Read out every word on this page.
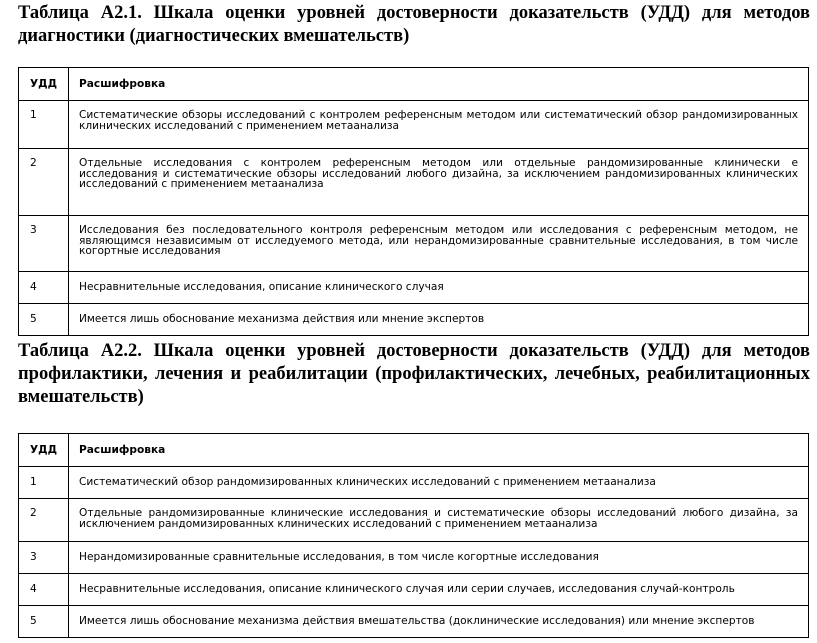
Таблица А2.1. Шкала оценки уровней достоверности доказательств (УДД) для методов диагностики (диагностических вмешательств)

УДД	Расшифровка

1	Систематические обзоры исследований с контролем референсным методом или систематический обзор рандомизированных клинических исследований с применением метаанализа

2	Отдельные исследования с контролем референсным методом или отдельные рандомизированные клинически е исследования и систематические обзоры исследований любого дизайна, за исключением рандомизированных клинических исследований с применением метаанализа

3	Исследования без последовательного контроля референсным методом или исследования с референсным методом, не являющимся независимым от исследуемого метода, или нерандомизированные сравнительные исследования, в том числе когортные исследования

4	Несравнительные исследования, описание клинического случая

5	Имеется лишь обоснование механизма действия или мнение экспертов

Таблица А2.2. Шкала оценки уровней достоверности доказательств (УДД) для методов профилактики, лечения и реабилитации (профилактических, лечебных, реабилитационных вмешательств)

УДД	Расшифровка

1	Систематический обзор рандомизированных клинических исследований с применением метаанализа

2	Отдельные рандомизированные клинические исследования и систематические обзоры исследований любого дизайна, за исключением рандомизированных клинических исследований с применением метаанализа

3	Нерандомизированные сравнительные исследования, в том числе когортные исследования

4	Несравнительные исследования, описание клинического случая или серии случаев, исследования случай-контроль

5	Имеется лишь обоснование механизма действия вмешательства (доклинические исследования) или мнение экспертов
